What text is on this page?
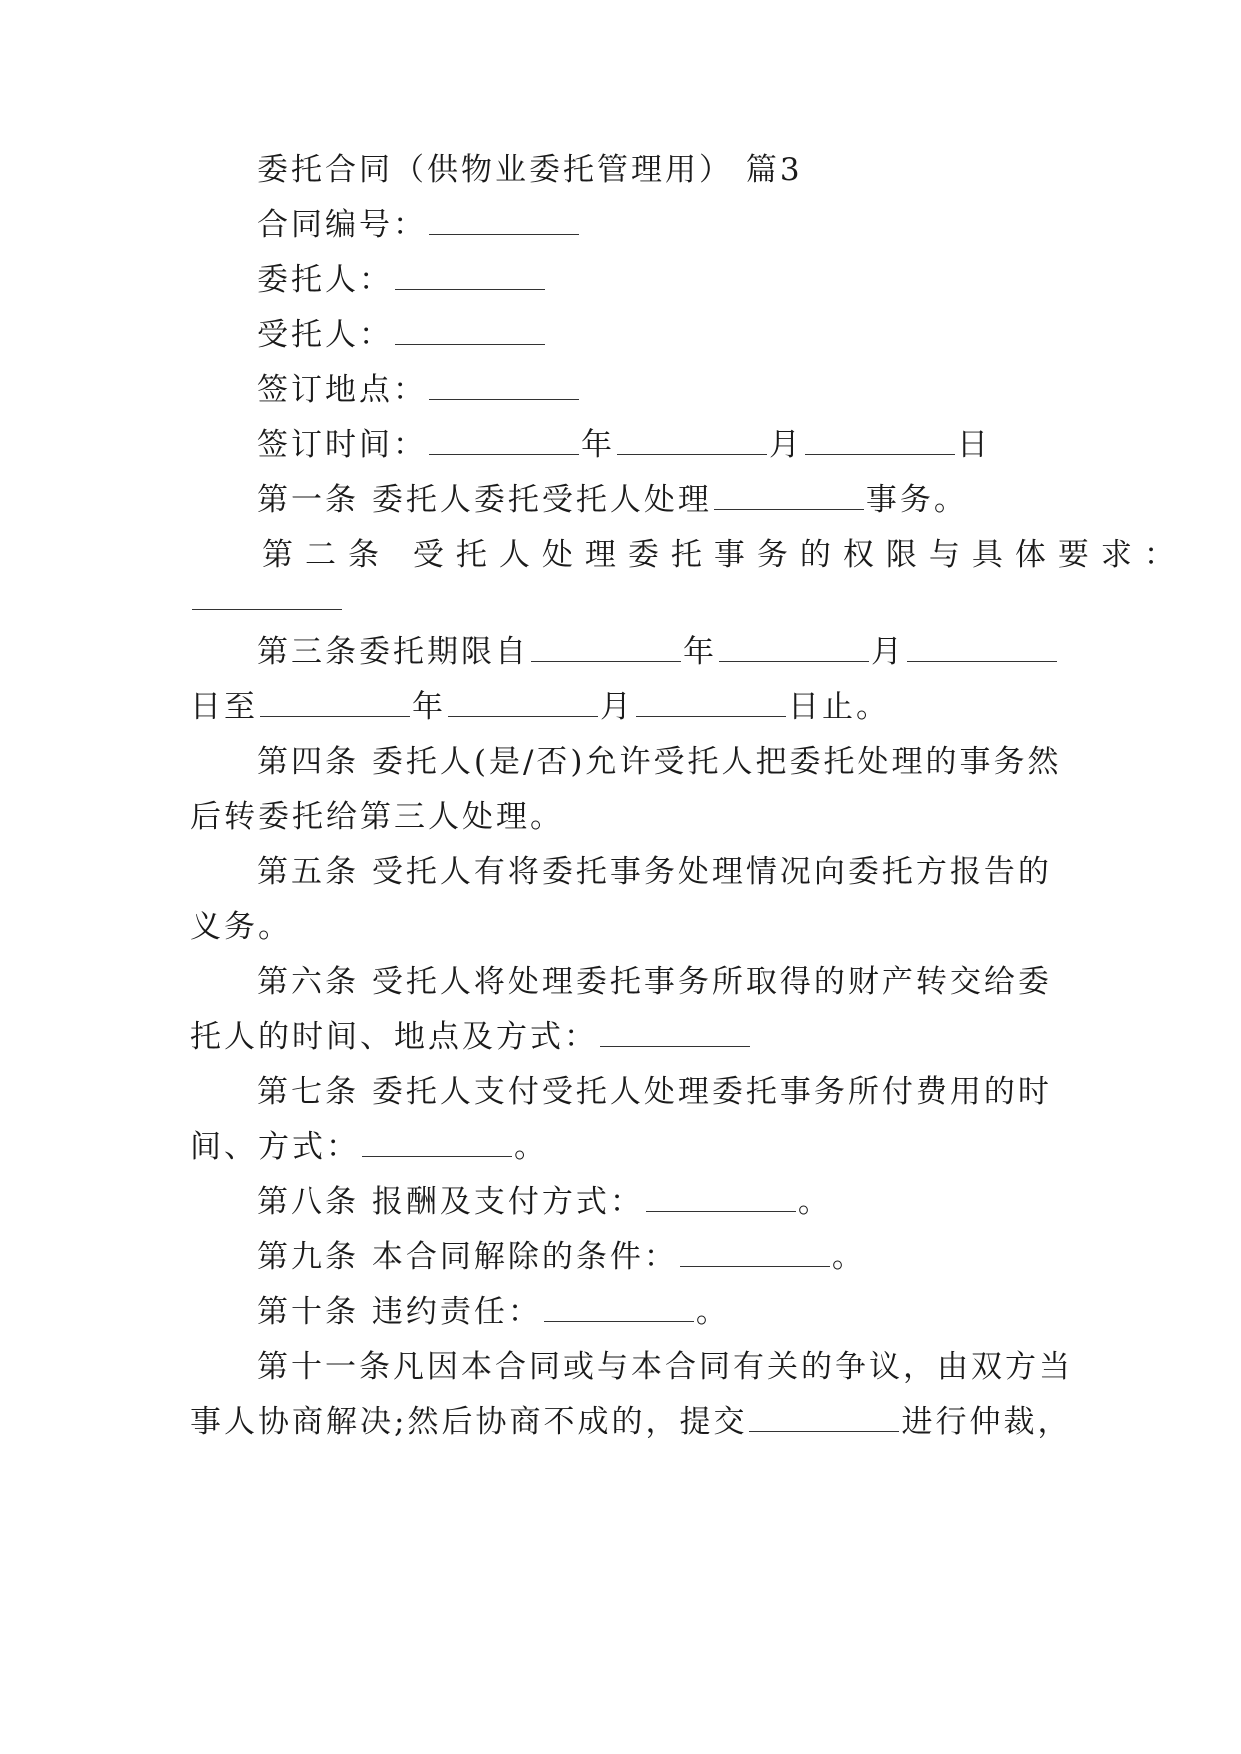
委托合同（供物业委托管理用） 篇3
合同编号：
委托人：
受托人：
签订地点：
签订时间：	年	月	日
第一条 委托人委托受托人处理	事务。
第二条 受托人处理委托事务的权限与具体要求：
第三条委托期限自	年	月
日至	年	月	日止。
第四条 委托人(是/否)允许受托人把委托处理的事务然
后转委托给第三人处理。
第五条 受托人有将委托事务处理情况向委托方报告的
义务。
第六条 受托人将处理委托事务所取得的财产转交给委
托人的时间、地点及方式：
第七条 委托人支付受托人处理委托事务所付费用的时
间、方式：	。
第八条 报酬及支付方式：	。
第九条 本合同解除的条件：	。
第十条 违约责任：	。
第十一条凡因本合同或与本合同有关的争议，由双方当
事人协商解决;然后协商不成的，提交	进行仲裁，
